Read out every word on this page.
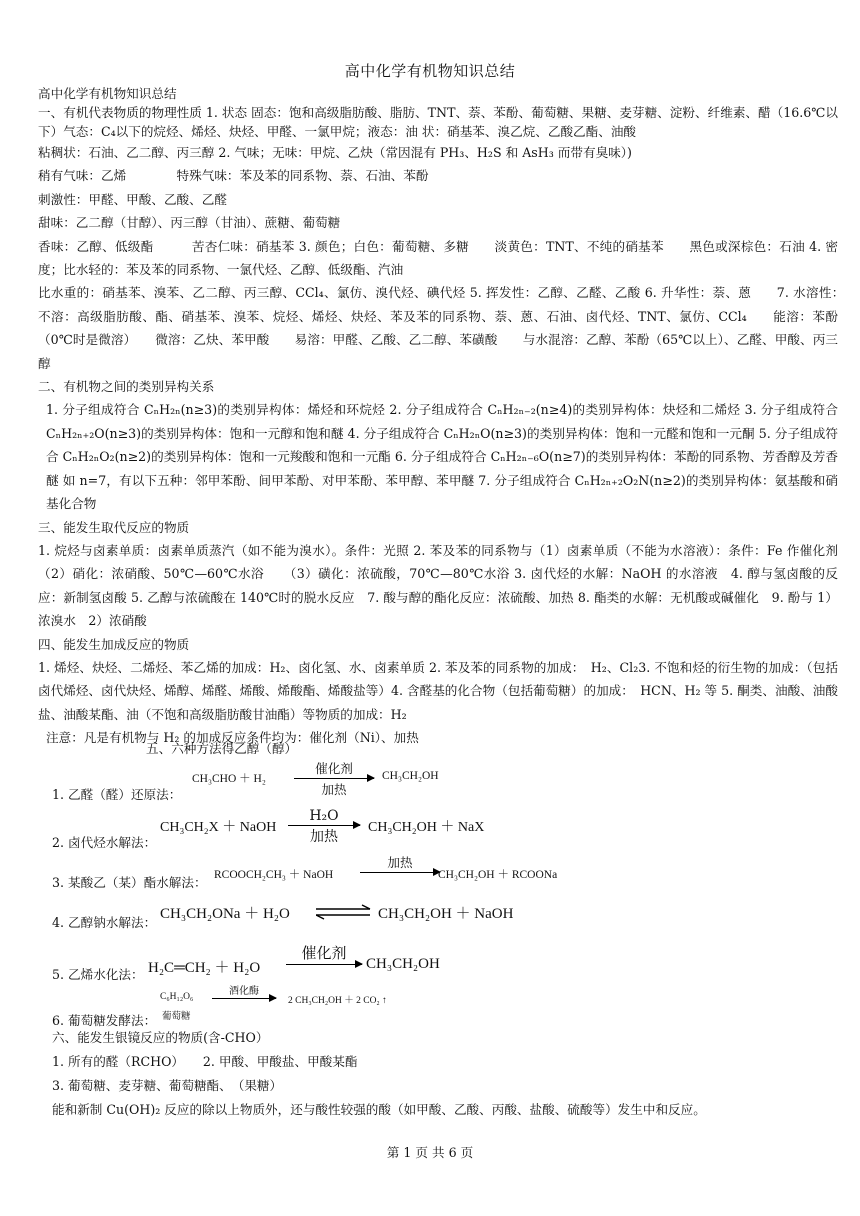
高中化学有机物知识总结

高中化学有机物知识总结

一、有机代表物质的物理性质 1. 状态 固态：饱和高级脂肪酸、脂肪、TNT、萘、苯酚、葡萄糖、果糖、麦芽糖、淀粉、纤维素、醋（16.6℃以下）气态：C₄以下的烷烃、烯烃、炔烃、甲醛、一氯甲烷；液态：油 状：硝基苯、溴乙烷、乙酸乙酯、油酸

粘稠状：石油、乙二醇、丙三醇 2. 气味；无味：甲烷、乙炔（常因混有 PH₃、H₂S 和 AsH₃ 而带有臭味）)

稍有气味：乙烯　　　　特殊气味：苯及苯的同系物、萘、石油、苯酚

刺激性：甲醛、甲酸、乙酸、乙醛

甜味：乙二醇（甘醇）、丙三醇（甘油）、蔗糖、葡萄糖

香味：乙醇、低级酯　　　苦杏仁味：硝基苯 3. 颜色；白色：葡萄糖、多糖　　淡黄色：TNT、不纯的硝基苯　　黑色或深棕色：石油 4. 密度；比水轻的：苯及苯的同系物、一氯代烃、乙醇、低级酯、汽油

比水重的：硝基苯、溴苯、乙二醇、丙三醇、CCl₄、氯仿、溴代烃、碘代烃 5. 挥发性：乙醇、乙醛、乙酸 6. 升华性：萘、蒽　　7. 水溶性：　不溶：高级脂肪酸、酯、硝基苯、溴苯、烷烃、烯烃、炔烃、苯及苯的同系物、萘、蒽、石油、卤代烃、TNT、氯仿、CCl₄　　能溶：苯酚（0℃时是微溶）　　微溶：乙炔、苯甲酸　　易溶：甲醛、乙酸、乙二醇、苯磺酸　　与水混溶：乙醇、苯酚（65℃以上）、乙醛、甲酸、丙三醇

二、有机物之间的类别异构关系

1. 分子组成符合 CₙH₂ₙ(n≥3)的类别异构体：烯烃和环烷烃 2. 分子组成符合 CₙH₂ₙ₋₂(n≥4)的类别异构体：炔烃和二烯烃 3. 分子组成符合 CₙH₂ₙ₊₂O(n≥3)的类别异构体：饱和一元醇和饱和醚 4. 分子组成符合 CₙH₂ₙO(n≥3)的类别异构体：饱和一元醛和饱和一元酮 5. 分子组成符合 CₙH₂ₙO₂(n≥2)的类别异构体：饱和一元羧酸和饱和一元酯 6. 分子组成符合 CₙH₂ₙ₋₆O(n≥7)的类别异构体：苯酚的同系物、芳香醇及芳香醚 如 n=7，有以下五种：邻甲苯酚、间甲苯酚、对甲苯酚、苯甲醇、苯甲醚 7. 分子组成符合 CₙH₂ₙ₊₂O₂N(n≥2)的类别异构体：氨基酸和硝基化合物

三、能发生取代反应的物质

1. 烷烃与卤素单质：卤素单质蒸汽（如不能为溴水）。条件：光照 2. 苯及苯的同系物与（1）卤素单质（不能为水溶液）：条件：Fe 作催化剂（2）硝化：浓硝酸、50℃—60℃水浴　　（3）磺化：浓硫酸，70℃—80℃水浴 3. 卤代烃的水解：NaOH 的水溶液　4. 醇与氢卤酸的反应：新制氢卤酸 5. 乙醇与浓硫酸在 140℃时的脱水反应　7. 酸与醇的酯化反应：浓硫酸、加热 8. 酯类的水解：无机酸或碱催化　9. 酚与 1）浓溴水　2）浓硝酸

四、能发生加成反应的物质

1. 烯烃、炔烃、二烯烃、苯乙烯的加成：H₂、卤化氢、水、卤素单质 2. 苯及苯的同系物的加成：　H₂、Cl₂3. 不饱和烃的衍生物的加成：（包括卤代烯烃、卤代炔烃、烯醇、烯醛、烯酸、烯酸酯、烯酸盐等）4. 含醛基的化合物（包括葡萄糖）的加成：　HCN、H₂ 等 5. 酮类、油酸、油酸盐、油酸某酯、油（不饱和高级脂肪酸甘油酯）等物质的加成：H₂

注意：凡是有机物与 H₂ 的加成反应条件均为：催化剂（Ni）、加热

五、六种方法得乙醇（醇）
1. 乙醛（醛）还原法：
CH₃CHO ＋ H₂
催化剂
加热
CH₃CH₂OH
2. 卤代烃水解法：
CH₃CH₂X ＋ NaOH
H₂O
加热
CH₃CH₂OH ＋ NaX
3. 某酸乙（某）酯水解法： RCOOCH₂CH₃ ＋ NaOH
加热
CH₃CH₂OH ＋ RCOONa
4. 乙醇钠水解法：
CH₃CH₂ONa ＋ H₂O	CH₃CH₂OH ＋ NaOH
5. 乙烯水化法： H₂C═CH₂ ＋ H₂O
催化剂
CH₃CH₂OH
6. 葡萄糖发酵法：
C₆H₁₂O₆
葡萄糖
酒化酶
2 CH₃CH₂OH ＋ 2 CO₂ ↑
六、能发生银镜反应的物质(含-CHO）
1. 所有的醛（RCHO）　　2. 甲酸、甲酸盐、甲酸某酯
3. 葡萄糖、麦芽糖、葡萄糖酯、　（果糖）
能和新制 Cu(OH)₂ 反应的除以上物质外，还与酸性较强的酸（如甲酸、乙酸、丙酸、盐酸、硫酸等）发生中和反应。
第 1 页 共 6 页
